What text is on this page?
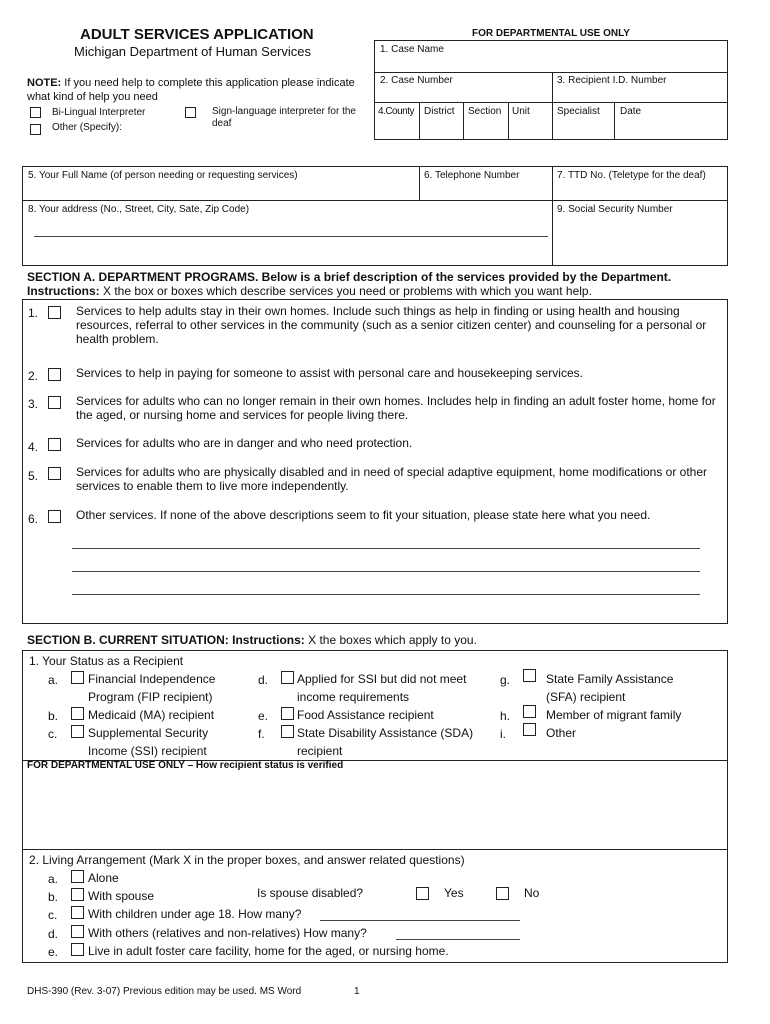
ADULT SERVICES APPLICATION
Michigan Department of Human Services
FOR DEPARTMENTAL USE ONLY
NOTE: If you need help to complete this application please indicate what kind of help you need
Bi-Lingual Interpreter
Other (Specify):
Sign-language interpreter for the deaf
1. Case Name
2. Case Number	3. Recipient I.D. Number
4.County District Section Unit	Specialist Date
5. Your Full Name (of person needing or requesting services)	6. Telephone Number	7. TTD No. (Teletype for the deaf)
8. Your address (No., Street, City, Sate, Zip Code)	9. Social Security Number
SECTION A. DEPARTMENT PROGRAMS. Below is a brief description of the services provided by the Department.
Instructions: X the box or boxes which describe services you need or problems with which you want help.
1.	Services to help adults stay in their own homes. Include such things as help in finding or using health and housing resources, referral to other services in the community (such as a senior citizen center) and counseling for a personal or health problem.
2.	Services to help in paying for someone to assist with personal care and housekeeping services.
3.	Services for adults who can no longer remain in their own homes. Includes help in finding an adult foster home, home for the aged, or nursing home and services for people living there.
4.	Services for adults who are in danger and who need protection.
5.	Services for adults who are physically disabled and in need of special adaptive equipment, home modifications or other services to enable them to live more independently.
6.	Other services. If none of the above descriptions seem to fit your situation, please state here what you need.
SECTION B. CURRENT SITUATION: Instructions: X the boxes which apply to you.
1. Your Status as a Recipient
a. Financial Independence
Program (FIP recipient)
b. Medicaid (MA) recipient
c.	Supplemental Security
Income (SSI) recipient
d. Applied for SSI but did not meet
income requirements
e. Food Assistance recipient
f.	State Disability Assistance (SDA)
recipient
g.	State Family Assistance
(SFA) recipient
h.	Member of migrant family
i.	Other
FOR DEPARTMENTAL USE ONLY – How recipient status is verified
2. Living Arrangement (Mark X in the proper boxes, and answer related questions)
a. Alone
b. With spouse	Is spouse disabled?	Yes	No
c.	With children under age 18. How many?
d. With others (relatives and non-relatives) How many?
e. Live in adult foster care facility, home for the aged, or nursing home.
DHS-390 (Rev. 3-07) Previous edition may be used. MS Word	1
